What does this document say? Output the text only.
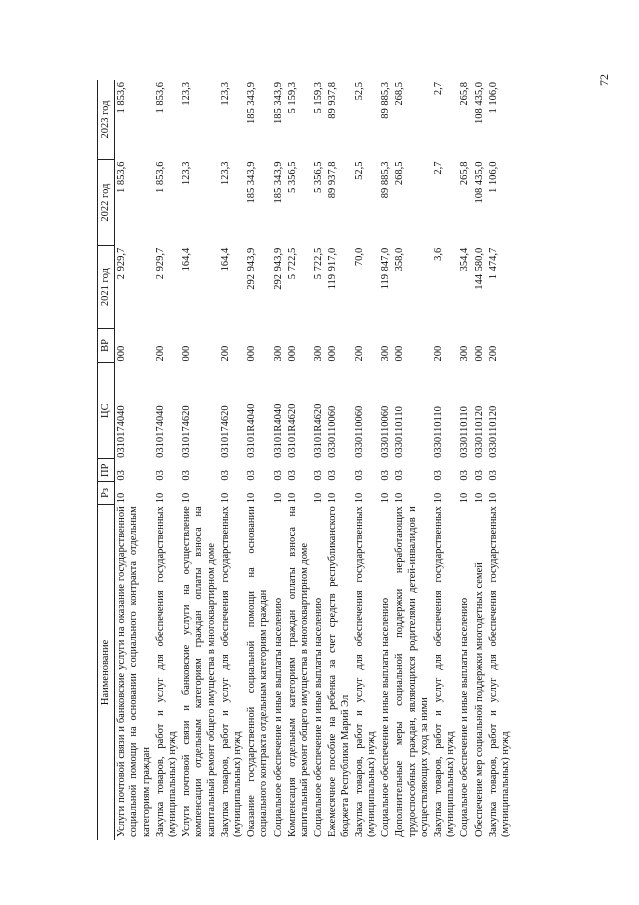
72
Наименование	Рз	ПР	ЦС	ВР	2021 год	2022 год	2023 год
Услуги почтовой связи и банковские услуги на оказание государственной социальной помощи на основании социального контракта отдельным категориям граждан	10	03	0310174040	000	2 929,7	1 853,6	1 853,6
Закупка товаров, работ и услуг для обеспечения государственных (муниципальных) нужд	10	03	0310174040	200	2 929,7	1 853,6	1 853,6
Услуги почтовой связи и банковские услуги на осуществление компенсации отдельным категориям граждан оплаты взноса на капитальный ремонт общего имущества в многоквартирном доме	10	03	0310174620	000	164,4	123,3	123,3
Закупка товаров, работ и услуг для обеспечения государственных (муниципальных) нужд	10	03	0310174620	200	164,4	123,3	123,3
Оказание государственной социальной помощи на основании социального контракта отдельным категориям граждан	10	03	03101R4040	000	292 943,9	185 343,9	185 343,9
Социальное обеспечение и иные выплаты населению	10	03	03101R4040	300	292 943,9	185 343,9	185 343,9
Компенсация отдельным категориям граждан оплаты взноса на капитальный ремонт общего имущества в многоквартирном доме	10	03	03101R4620	000	5 722,5	5 356,5	5 159,3
Социальное обеспечение и иные выплаты населению	10	03	03101R4620	300	5 722,5	5 356,5	5 159,3
Ежемесячное пособие на ребенка за счет средств республиканского бюджета Республики Марий Эл	10	03	0330110060	000	119 917,0	89 937,8	89 937,8
Закупка товаров, работ и услуг для обеспечения государственных (муниципальных) нужд	10	03	0330110060	200	70,0	52,5	52,5
Социальное обеспечение и иные выплаты населению	10	03	0330110060	300	119 847,0	89 885,3	89 885,3
Дополнительные меры социальной поддержки неработающих трудоспособных граждан, являющихся родителями детей-инвалидов и осуществляющих уход за ними	10	03	0330110110	000	358,0	268,5	268,5
Закупка товаров, работ и услуг для обеспечения государственных (муниципальных) нужд	10	03	0330110110	200	3,6	2,7	2,7
Социальное обеспечение и иные выплаты населению	10	03	0330110110	300	354,4	265,8	265,8
Обеспечение мер социальной поддержки многодетных семей	10	03	0330110120	000	144 580,0	108 435,0	108 435,0
Закупка товаров, работ и услуг для обеспечения государственных (муниципальных) нужд	10	03	0330110120	200	1 474,7	1 106,0	1 106,0
